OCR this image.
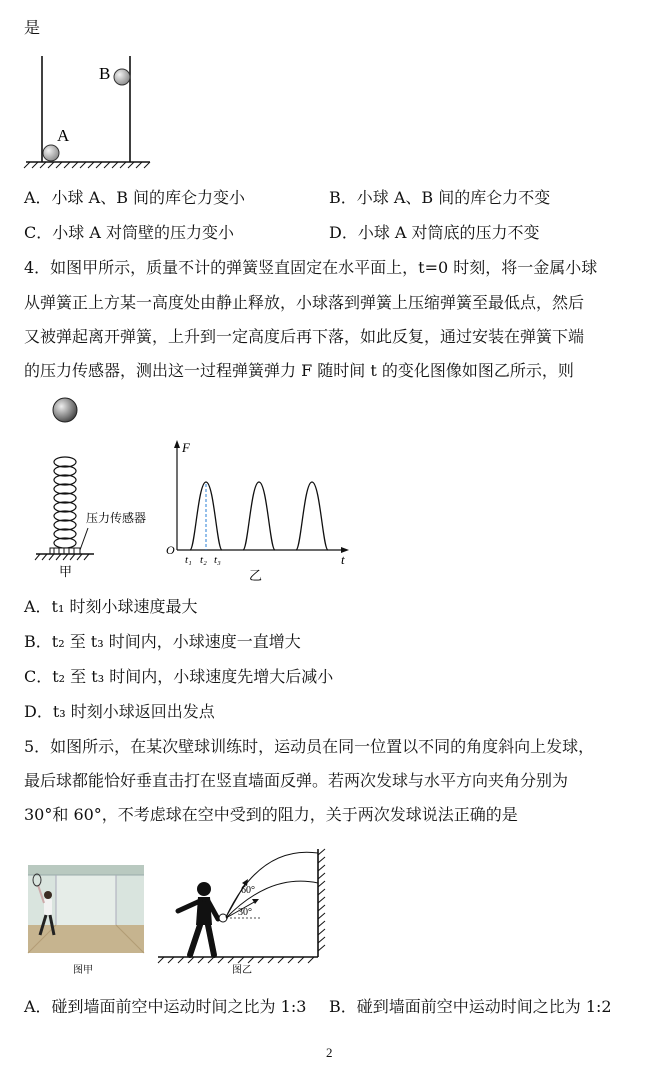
是
B
A
A．小球 A、B 间的库仑力变小	B．小球 A、B 间的库仑力不变
C．小球 A 对筒壁的压力变小	D．小球 A 对筒底的压力不变
4．如图甲所示，质量不计的弹簧竖直固定在水平面上，t=0 时刻，将一金属小球
从弹簧正上方某一高度处由静止释放，小球落到弹簧上压缩弹簧至最低点，然后
又被弹起离开弹簧，上升到一定高度后再下落，如此反复，通过安装在弹簧下端
的压力传感器，测出这一过程弹簧弹力 F 随时间 t 的变化图像如图乙所示，则
压力传感器
甲
F
t
O
t₁ t₂ t₃
乙
A．t₁ 时刻小球速度最大
B．t₂ 至 t₃ 时间内，小球速度一直增大
C．t₂ 至 t₃ 时间内，小球速度先增大后减小
D．t₃ 时刻小球返回出发点
5．如图所示，在某次壁球训练时，运动员在同一位置以不同的角度斜向上发球，
最后球都能恰好垂直击打在竖直墙面反弹。若两次发球与水平方向夹角分别为
30°和 60°，不考虑球在空中受到的阻力，关于两次发球说法正确的是
图甲
60°
30°
图乙
A．碰到墙面前空中运动时间之比为 1:3 B．碰到墙面前空中运动时间之比为 1:2
2
